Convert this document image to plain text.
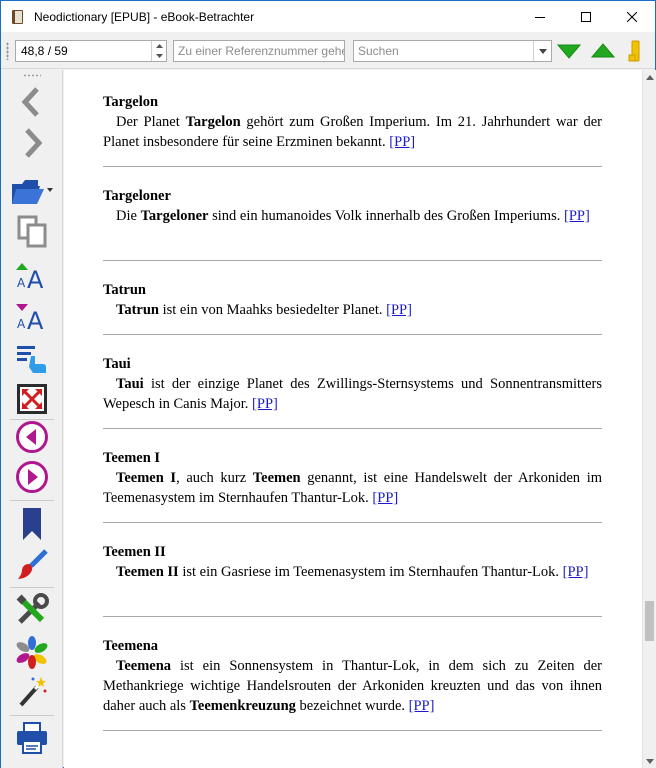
Neodictionary [EPUB] - eBook-Betrachter
48,8 / 59
Zu einer Referenznummer gehe...
Suchen
A A
A A
Targelon
Der Planet Targelon gehört zum Großen Imperium. Im 21. Jahrhundert war der Planet insbesondere für seine Erzminen bekannt. [PP]
Targeloner
Die Targeloner sind ein humanoides Volk innerhalb des Großen Imperiums. [PP]
Tatrun
Tatrun ist ein von Maahks besiedelter Planet. [PP]
Taui
Taui ist der einzige Planet des Zwillings-Sternsystems und Sonnentransmitters Wepesch in Canis Major. [PP]
Teemen I
Teemen I, auch kurz Teemen genannt, ist eine Handelswelt der Arkoniden im Teemenasystem im Sternhaufen Thantur-Lok. [PP]
Teemen II
Teemen II ist ein Gasriese im Teemenasystem im Sternhaufen Thantur-Lok. [PP]
Teemena
Teemena ist ein Sonnensystem in Thantur-Lok, in dem sich zu Zeiten der Methankriege wichtige Handelsrouten der Arkoniden kreuzten und das von ihnen daher auch als Teemenkreuzung bezeichnet wurde. [PP]
